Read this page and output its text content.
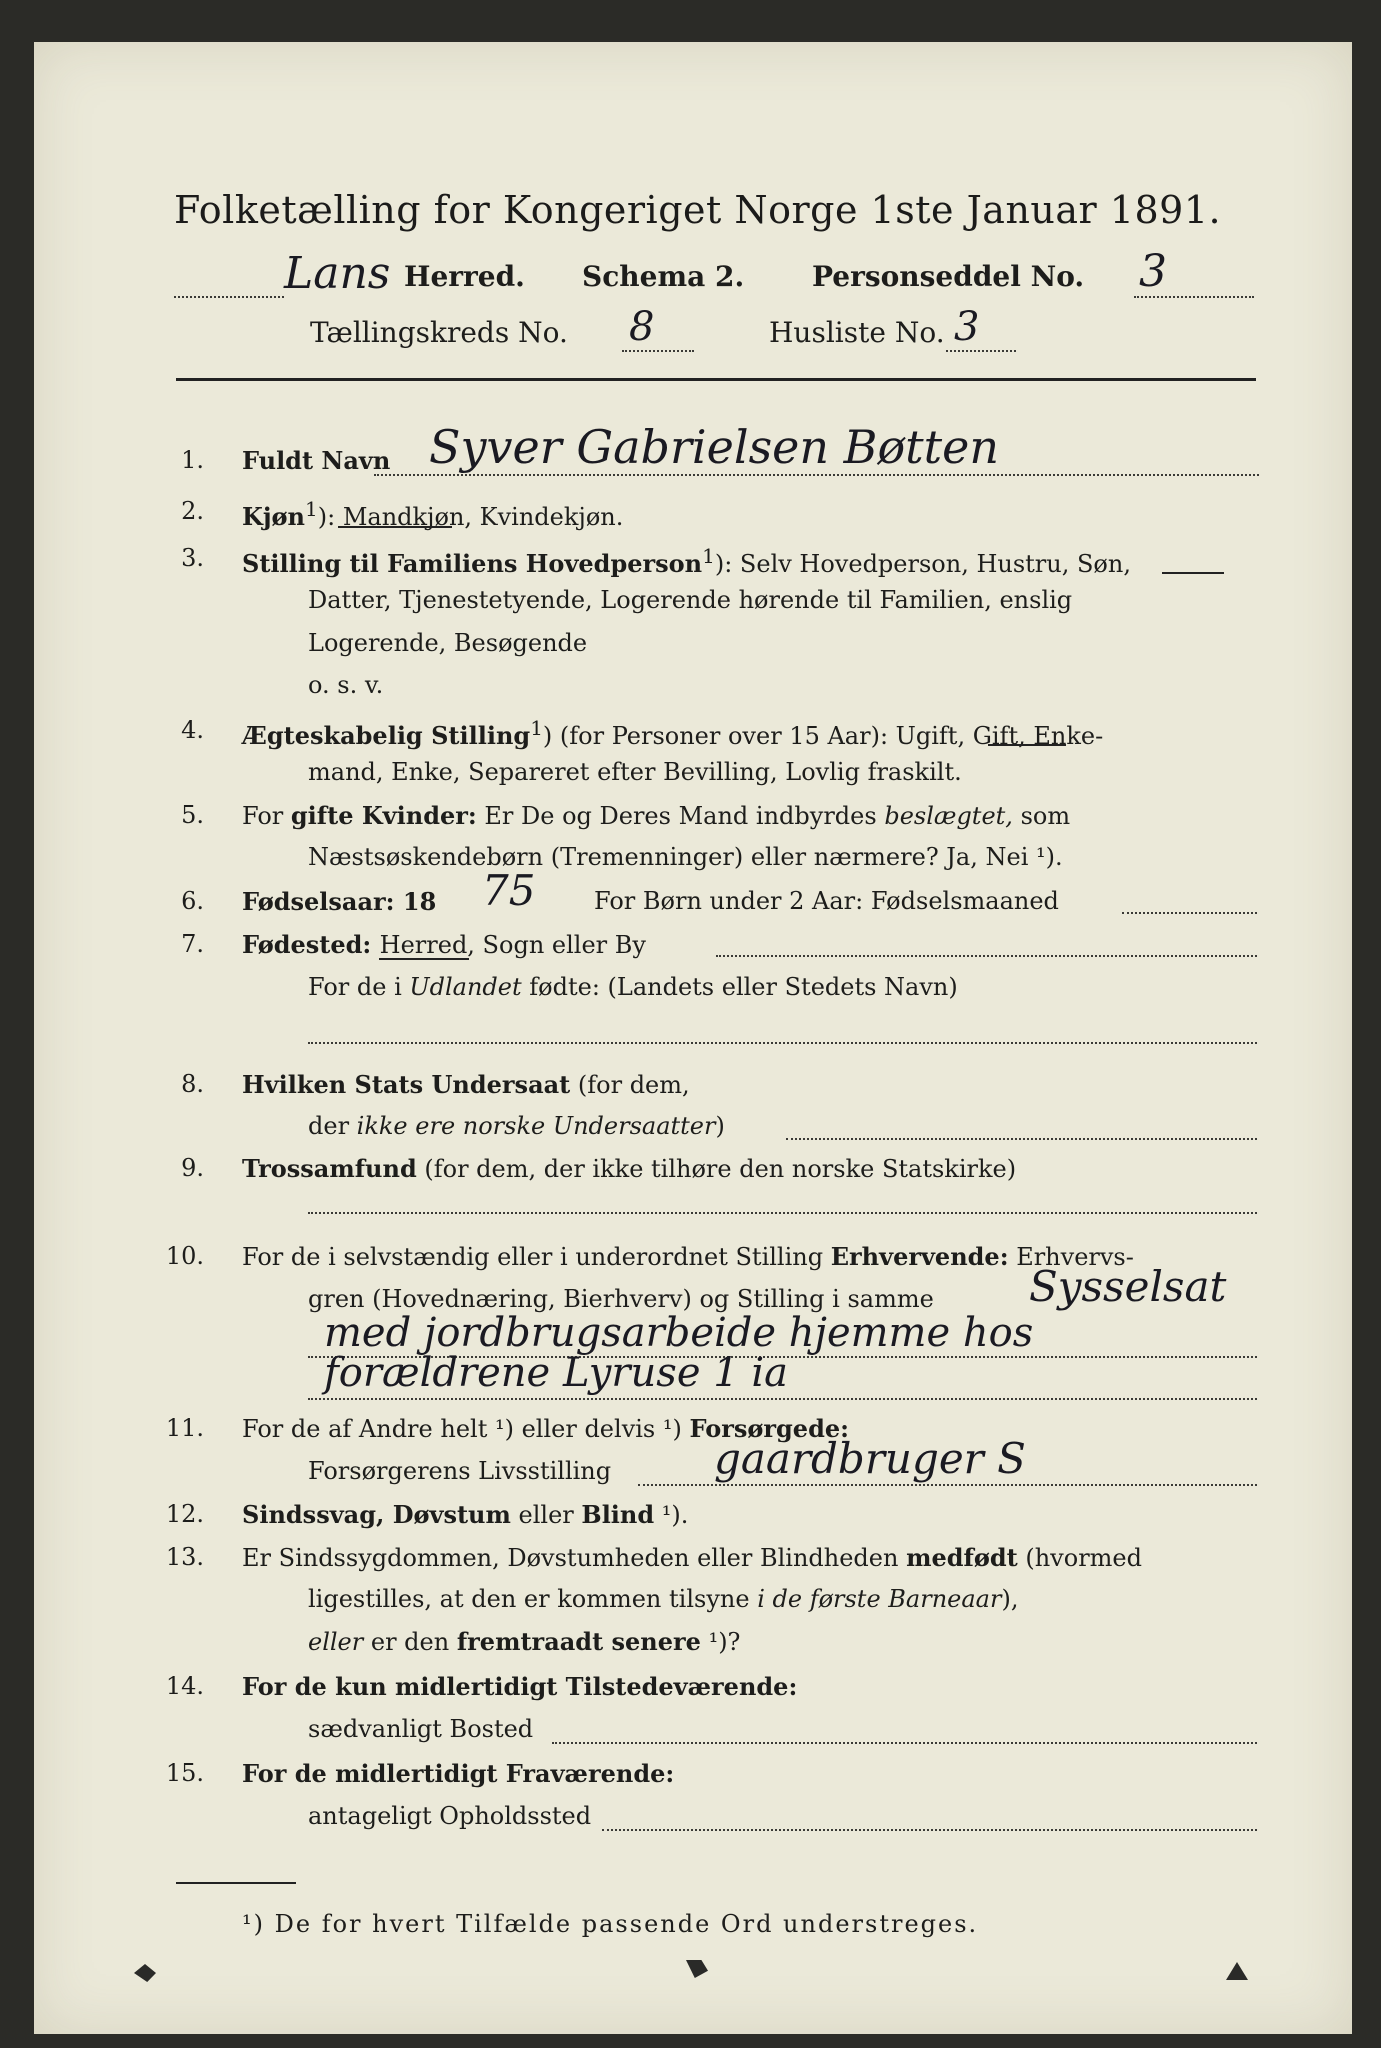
Folketælling for Kongeriget Norge 1ste Januar 1891.
Lans Herred. Schema 2. Personseddel No. 3
Tællingskreds No. 8	Husliste No. 3
1. Fuldt Navn Syver Gabrielsen Bøtten
2. Kjøn$^1$): Mandkjøn, Kvindekjøn.
3. Stilling til Familiens Hovedperson$^1$): Selv Hovedperson, Hustru, Søn,
Datter, Tjenestetyende, Logerende hørende til Familien, enslig
Logerende, Besøgende
o. s. v.
4. Ægteskabelig Stilling$^1$) (for Personer over 15 Aar): Ugift, Gift, Enke-
mand, Enke, Separeret efter Bevilling, Lovlig fraskilt.
5. For gifte Kvinder: Er De og Deres Mand indbyrdes beslægtet, som
Næstsøskendebørn (Tremenninger) eller nærmere? Ja, Nei ¹).
6. Fødselsaar: 18 75 For Børn under 2 Aar: Fødselsmaaned
7. Fødested: Herred, Sogn eller By
For de i Udlandet fødte: (Landets eller Stedets Navn)
8. Hvilken Stats Undersaat (for dem,
der ikke ere norske Undersaatter)
9. Trossamfund (for dem, der ikke tilhøre den norske Statskirke)
10. For de i selvstændig eller i underordnet Stilling Erhvervende: Erhvervs-
gren (Hovednæring, Bierhverv) og Stilling i samme Sysselsat
med jordbrugsarbeide hjemme hos
forældrene Lyruse 1 ia
11. For de af Andre helt ¹) eller delvis ¹) Forsørgede:
Forsørgerens Livsstilling gaardbruger S
12. Sindssvag, Døvstum eller Blind ¹).
13. Er Sindssygdommen, Døvstumheden eller Blindheden medfødt (hvormed
ligestilles, at den er kommen tilsyne i de første Barneaar),
eller er den fremtraadt senere ¹)?
14. For de kun midlertidigt Tilstedeværende:
sædvanligt Bosted
15. For de midlertidigt Fraværende:
antageligt Opholdssted
¹) De for hvert Tilfælde passende Ord understreges.
